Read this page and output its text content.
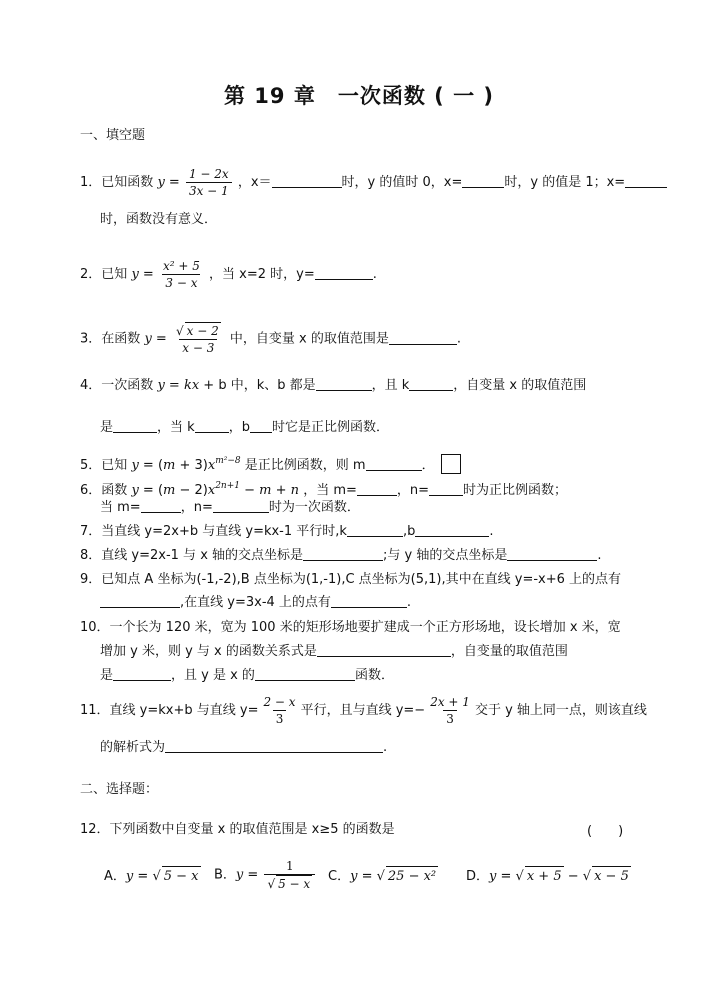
第 19 章　一次函数 ( 一 )
一、填空题
1．已知函数 $y = \frac{1 - 2x}{3x - 1}$ ，x＝	时，y 的值时 0，x=	时，y 的值是 1；x=
时，函数没有意义．
2．已知 $y = \frac{\text{x² + 5}}{3 - x}$ ，当 x=2 时，y=	.
3．在函数 $y = \frac{√ x - 2}{x - 3}$ 中，自变量 x 的取值范围是	.
4．一次函数 y = kx + b 中，k、b 都是	，且 k	，自变量 x 的取值范围
是	，当 k	，b 时它是正比例函数．
5．已知 $y = (m + 3)x^{m^2-8}$ 是正比例函数，则 m	．
6．函数 $y = (m - 2)x^{2n+1} - m + n$ ，当 m=	，n=	时为正比例函数；
当 m=	，n=	时为一次函数．
7．当直线 y=2x+b 与直线 y=kx-1 平行时,k	,b	.
8．直线 y=2x-1 与 x 轴的交点坐标是	;与 y 轴的交点坐标是	.
9．已知点 A 坐标为(-1,-2),B 点坐标为(1,-1),C 点坐标为(5,1),其中在直线 y=-x+6 上的点有
,在直线 y=3x-4 上的点有	.
10．一个长为 120 米，宽为 100 米的矩形场地要扩建成一个正方形场地，设长增加 x 米，宽
增加 y 米，则 y 与 x 的函数关系式是	，自变量的取值范围
是	，且 y 是 x 的	函数．
11．直线 y=kx+b 与直线 $y= \frac{2 - x}{3}$ 平行，且与直线 $y=- \frac{2x + 1}{3}$ 交于 y 轴上同一点，则该直线
的解析式为	.
二、选择题：
12．下列函数中自变量 x 的取值范围是 x≥5 的函数是	(　　)
A．y = √ 5 − x B．$y = \frac{1}{√ 5 - x}$ C．y = √ 25 − x² D．y = √ x + 5 − √ x − 5
